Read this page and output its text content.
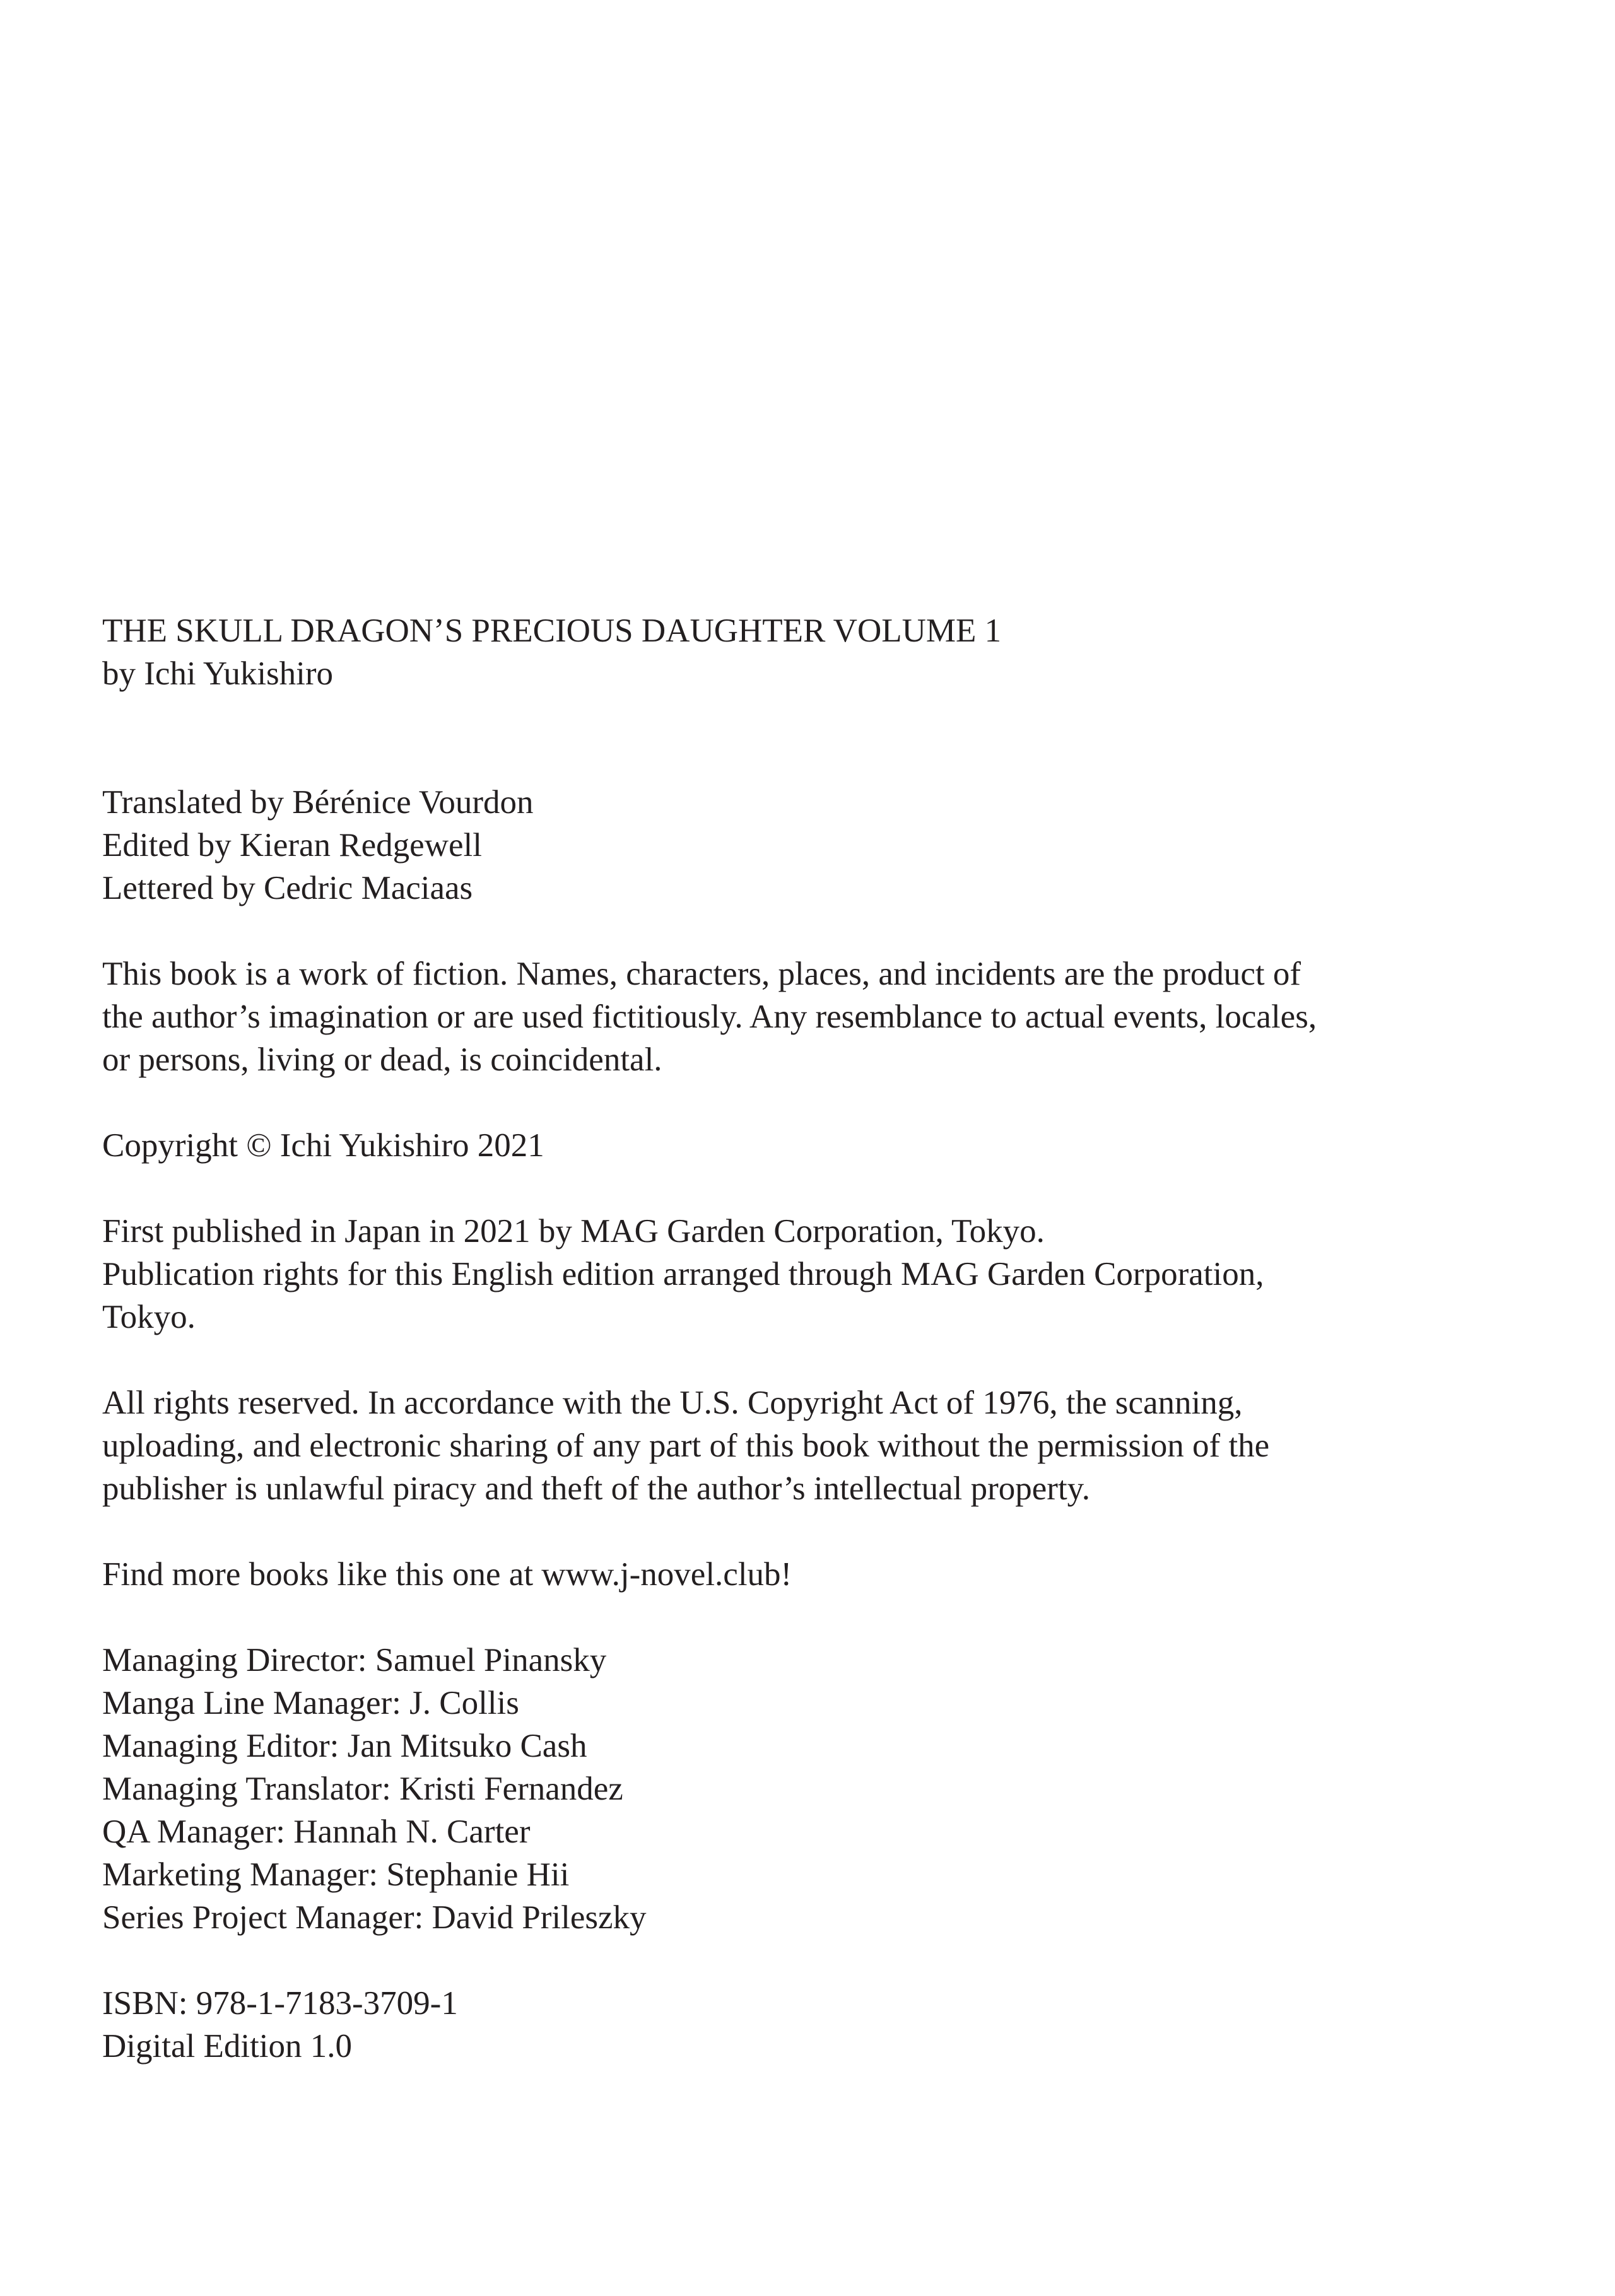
THE SKULL DRAGON’S PRECIOUS DAUGHTER VOLUME 1
by Ichi Yukishiro
Translated by Bérénice Vourdon
Edited by Kieran Redgewell
Lettered by Cedric Maciaas
This book is a work of fiction. Names, characters, places, and incidents are the product of
the author’s imagination or are used fictitiously. Any resemblance to actual events, locales,
or persons, living or dead, is coincidental.
Copyright © Ichi Yukishiro 2021
First published in Japan in 2021 by MAG Garden Corporation, Tokyo.
Publication rights for this English edition arranged through MAG Garden Corporation,
Tokyo.
All rights reserved. In accordance with the U.S. Copyright Act of 1976, the scanning,
uploading, and electronic sharing of any part of this book without the permission of the
publisher is unlawful piracy and theft of the author’s intellectual property.
Find more books like this one at www.j-novel.club!
Managing Director: Samuel Pinansky
Manga Line Manager: J. Collis
Managing Editor: Jan Mitsuko Cash
Managing Translator: Kristi Fernandez
QA Manager: Hannah N. Carter
Marketing Manager: Stephanie Hii
Series Project Manager: David Prileszky
ISBN: 978-1-7183-3709-1
Digital Edition 1.0
